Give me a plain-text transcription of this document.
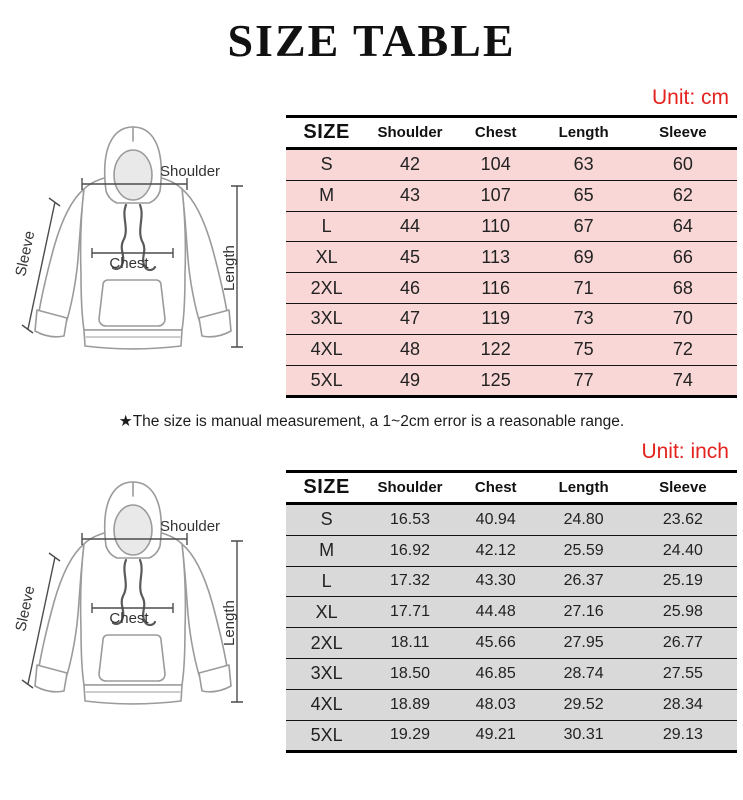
SIZE TABLE
Unit: cm
Shoulder
Chest
Sleeve	Length
SIZE	Shoulder	Chest	Length	Sleeve
S	42	104	63	60
M	43	107	65	62
L	44	110	67	64
XL	45	113	69	66
2XL	46	116	71	68
3XL	47	119	73	70
4XL	48	122	75	72
5XL	49	125	77	74
★The size is manual measurement, a 1~2cm error is a reasonable range.
Unit: inch
Shoulder
Chest
Sleeve	Length
SIZE	Shoulder	Chest	Length	Sleeve
S	16.53	40.94	24.80	23.62
M	16.92	42.12	25.59	24.40
L	17.32	43.30	26.37	25.19
XL	17.71	44.48	27.16	25.98
2XL	18.11	45.66	27.95	26.77
3XL	18.50	46.85	28.74	27.55
4XL	18.89	48.03	29.52	28.34
5XL	19.29	49.21	30.31	29.13
